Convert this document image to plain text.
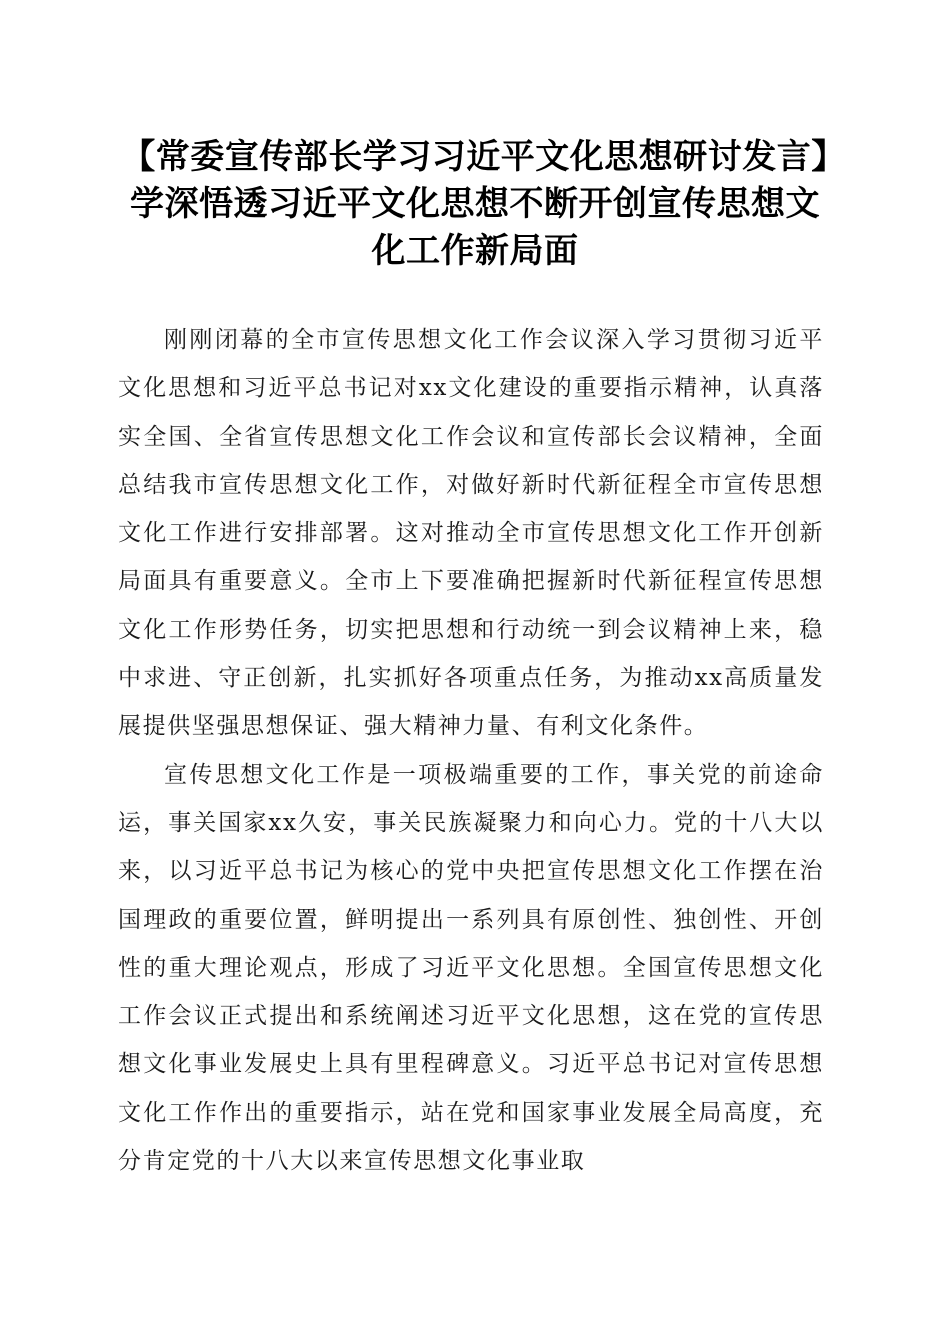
【常委宣传部长学习习近平文化思想研讨发言】学深悟透习近平文化思想不断开创宣传思想文化工作新局面

刚刚闭幕的全市宣传思想文化工作会议深入学习贯彻习近平文化思想和习近平总书记对xx文化建设的重要指示精神，认真落实全国、全省宣传思想文化工作会议和宣传部长会议精神，全面总结我市宣传思想文化工作，对做好新时代新征程全市宣传思想文化工作进行安排部署。这对推动全市宣传思想文化工作开创新局面具有重要意义。全市上下要准确把握新时代新征程宣传思想文化工作形势任务，切实把思想和行动统一到会议精神上来，稳中求进、守正创新，扎实抓好各项重点任务，为推动xx高质量发展提供坚强思想保证、强大精神力量、有利文化条件。

宣传思想文化工作是一项极端重要的工作，事关党的前途命运，事关国家xx久安，事关民族凝聚力和向心力。党的十八大以来，以习近平总书记为核心的党中央把宣传思想文化工作摆在治国理政的重要位置，鲜明提出一系列具有原创性、独创性、开创性的重大理论观点，形成了习近平文化思想。全国宣传思想文化工作会议正式提出和系统阐述习近平文化思想，这在党的宣传思想文化事业发展史上具有里程碑意义。习近平总书记对宣传思想文化工作作出的重要指示，站在党和国家事业发展全局高度，充分肯定党的十八大以来宣传思想文化事业取
